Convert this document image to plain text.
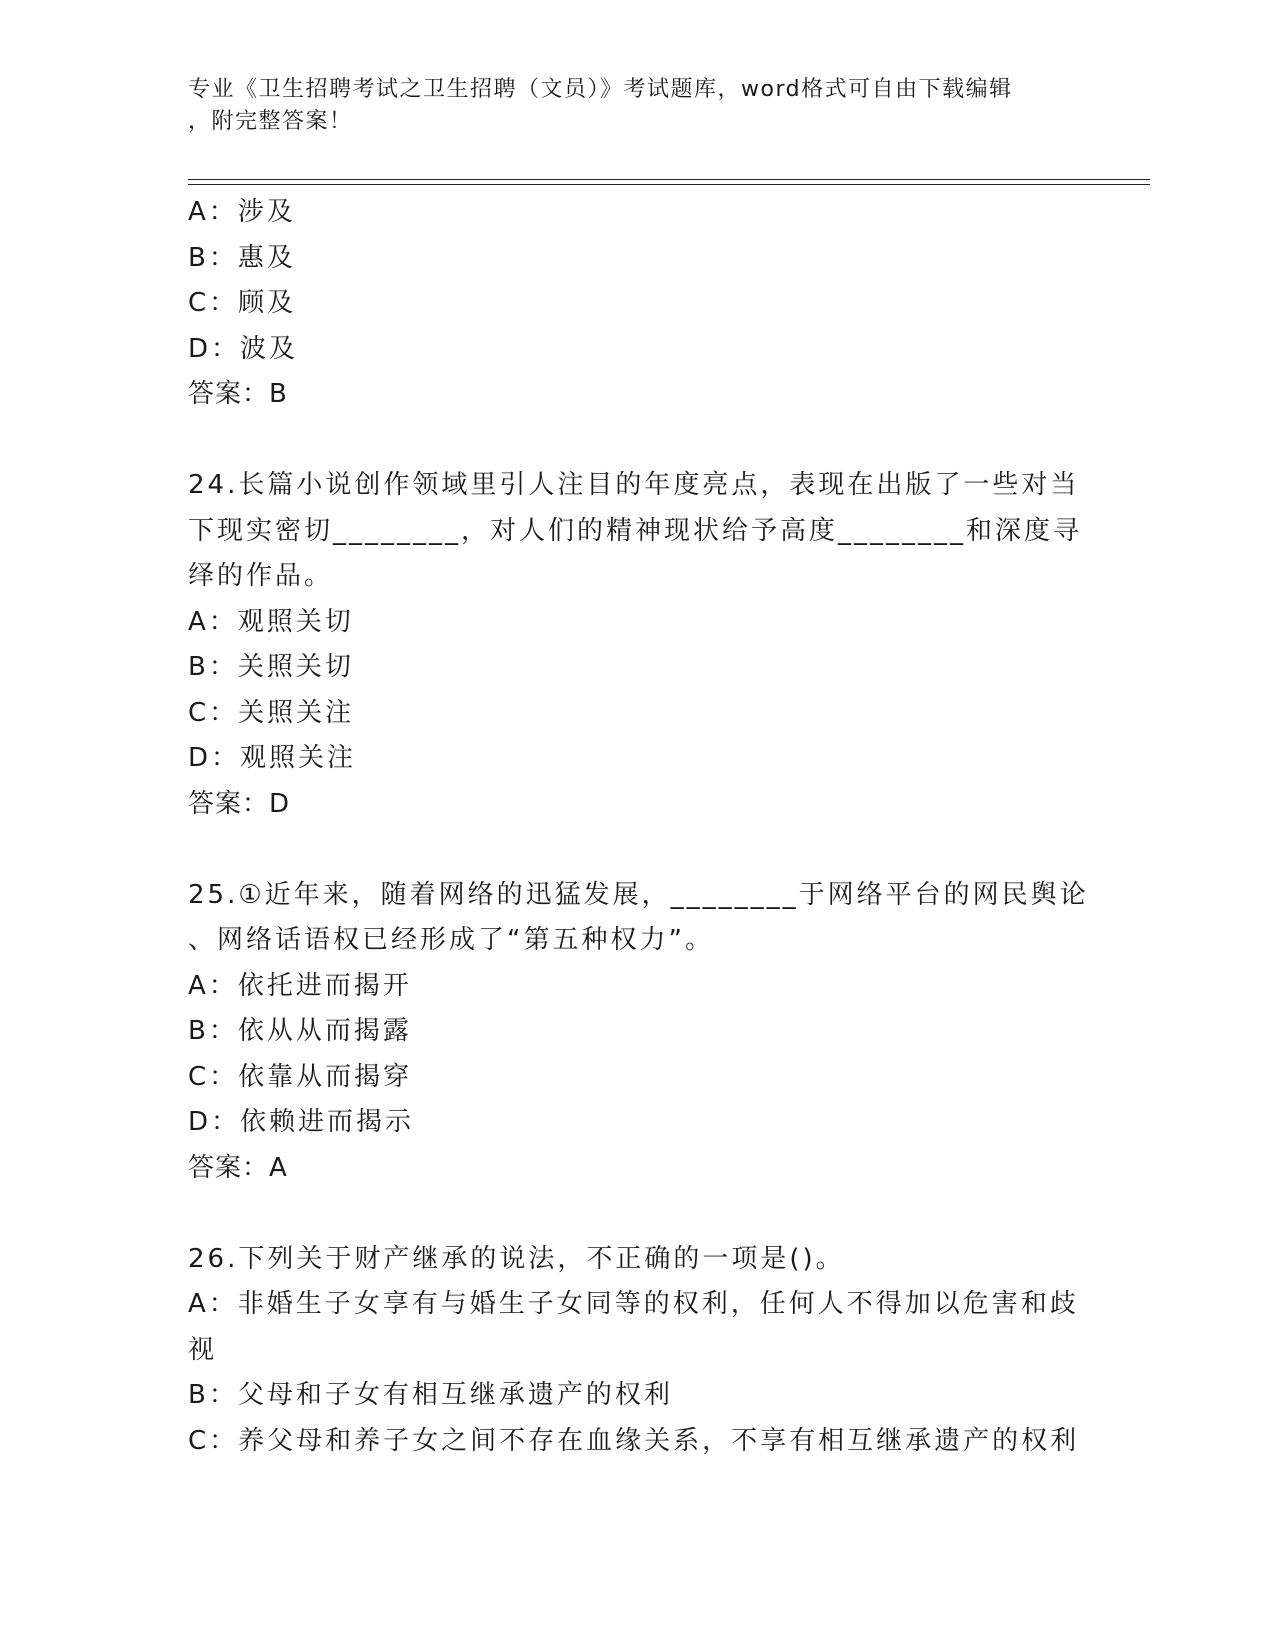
专业《卫生招聘考试之卫生招聘（文员）》考试题库，word格式可自由下载编辑
，附完整答案！
A：涉及
B：惠及
C：顾及
D：波及
答案：B
24.长篇小说创作领域里引人注目的年度亮点，表现在出版了一些对当
下现实密切________，对人们的精神现状给予高度________和深度寻
绎的作品。
A：观照关切
B：关照关切
C：关照关注
D：观照关注
答案：D
25.①近年来，随着网络的迅猛发展，________于网络平台的网民舆论
、网络话语权已经形成了“第五种权力”。
A：依托进而揭开
B：依从从而揭露
C：依靠从而揭穿
D：依赖进而揭示
答案：A
26.下列关于财产继承的说法，不正确的一项是()。
A：非婚生子女享有与婚生子女同等的权利，任何人不得加以危害和歧
视
B：父母和子女有相互继承遗产的权利
C：养父母和养子女之间不存在血缘关系，不享有相互继承遗产的权利
